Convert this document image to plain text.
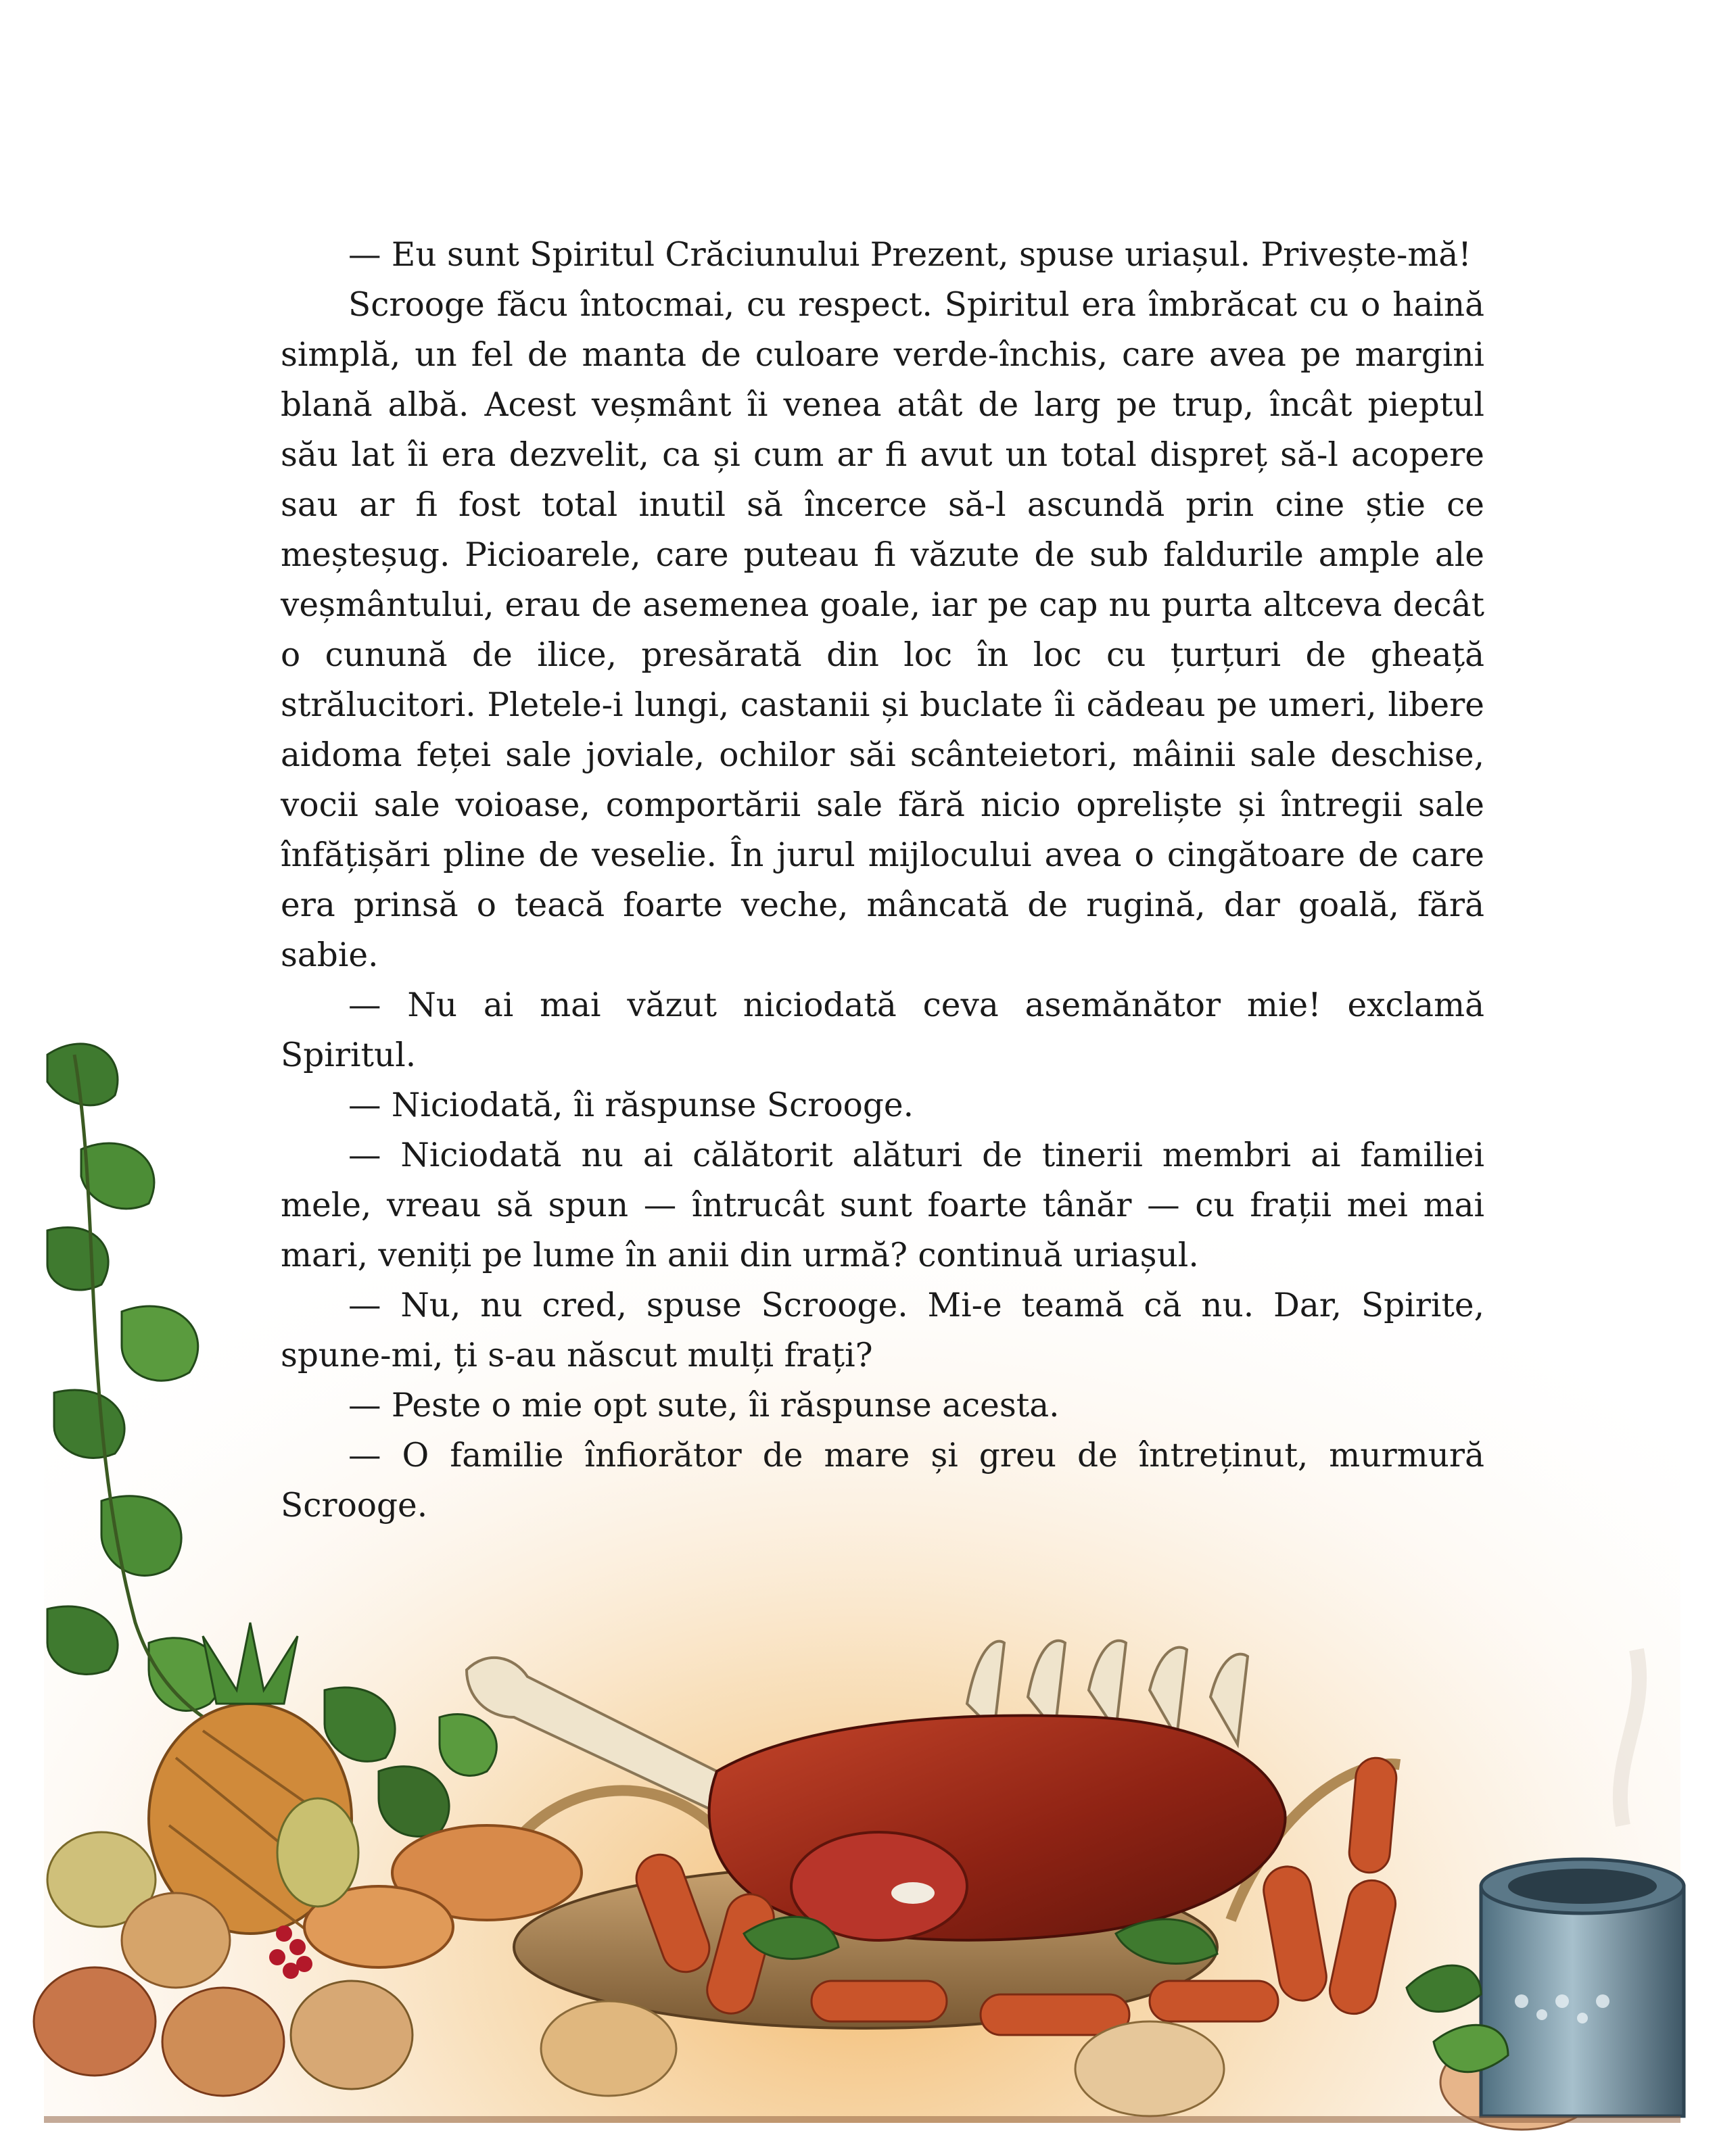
— Eu sunt Spiritul Crăciunului Prezent, spuse uriașul. Privește-mă!

Scrooge făcu întocmai, cu respect. Spiritul era îmbrăcat cu o haină simplă, un fel de manta de culoare verde-închis, care avea pe margini blană albă. Acest veșmânt îi venea atât de larg pe trup, încât pieptul său lat îi era dezvelit, ca și cum ar fi avut un total dispreț să-l acopere sau ar fi fost total inutil să încerce să-l ascundă prin cine știe ce meșteșug. Picioarele, care puteau fi văzute de sub faldurile ample ale veșmântului, erau de asemenea goale, iar pe cap nu purta altceva decât o cunună de ilice, presărată din loc în loc cu țurțuri de gheață strălucitori. Pletele-i lungi, castanii și buclate îi cădeau pe umeri, libere aidoma feței sale joviale, ochilor săi scânteietori, mâinii sale deschise, vocii sale voioase, comportării sale fără nicio opreliște și întregii sale înfățișări pline de veselie. În jurul mijlocului avea o cingătoare de care era prinsă o teacă foarte veche, mâncată de rugină, dar goală, fără sabie.

— Nu ai mai văzut niciodată ceva asemănător mie! exclamă Spiritul.

— Niciodată, îi răspunse Scrooge.

— Niciodată nu ai călătorit alături de tinerii membri ai familiei mele, vreau să spun — întrucât sunt foarte tânăr — cu frații mei mai mari, veniți pe lume în anii din urmă? continuă uriașul.

— Nu, nu cred, spuse Scrooge. Mi-e teamă că nu. Dar, Spirite, spune-mi, ți s-au născut mulți frați?

— Peste o mie opt sute, îi răspunse acesta.

— O familie înfiorător de mare și greu de întreținut, murmură Scrooge.
